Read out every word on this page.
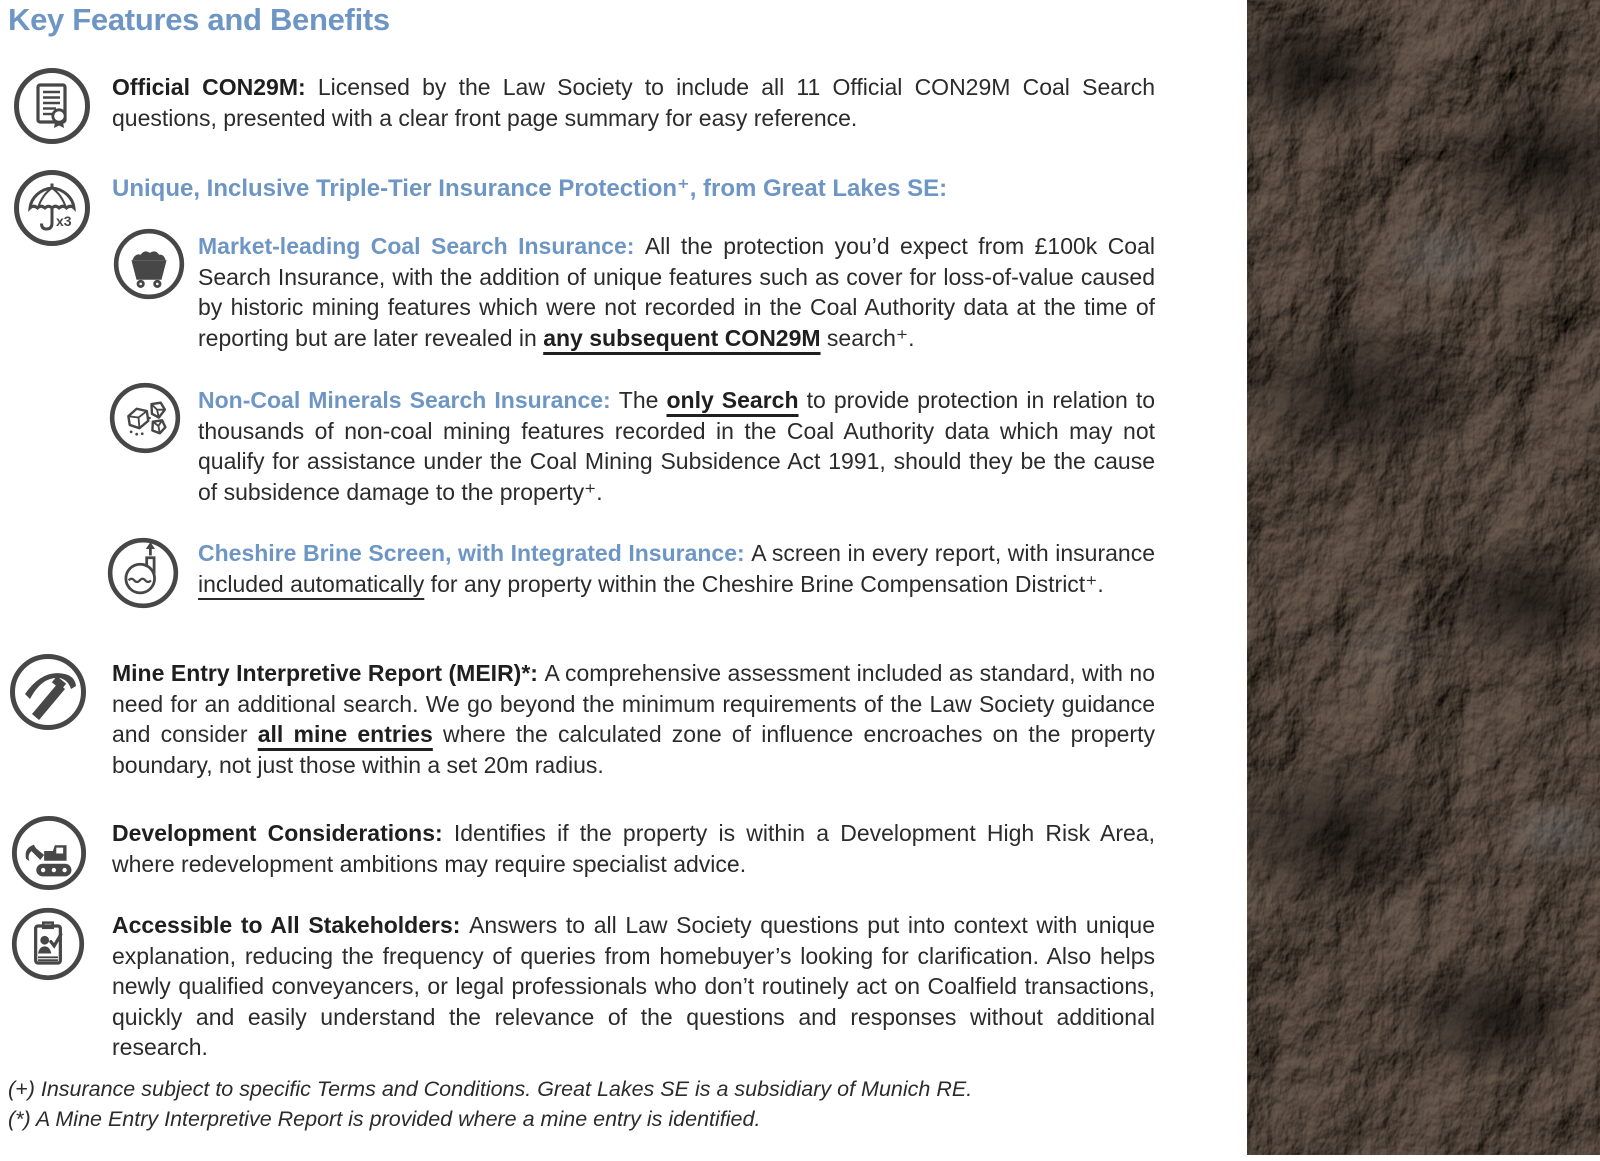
Key Features and Benefits

Official CON29M: Licensed by the Law Society to include all 11 Official CON29M Coal Search questions, presented with a clear front page summary for easy reference.

x3

Unique, Inclusive Triple-Tier Insurance Protection⁺, from Great Lakes SE:

Market-leading Coal Search Insurance: All the protection you’d expect from £100k Coal Search Insurance, with the addition of unique features such as cover for loss-of-value caused by historic mining features which were not recorded in the Coal Authority data at the time of reporting but are later revealed in any subsequent CON29M search⁺.

Non-Coal Minerals Search Insurance: The only Search to provide protection in relation to thousands of non-coal mining features recorded in the Coal Authority data which may not qualify for assistance under the Coal Mining Subsidence Act 1991, should they be the cause of subsidence damage to the property⁺.

Cheshire Brine Screen, with Integrated Insurance: A screen in every report, with insurance included automatically for any property within the Cheshire Brine Compensation District⁺.

Mine Entry Interpretive Report (MEIR)*: A comprehensive assessment included as standard, with no need for an additional search. We go beyond the minimum requirements of the Law Society guidance and consider all mine entries where the calculated zone of influence encroaches on the property boundary, not just those within a set 20m radius.

Development Considerations: Identifies if the property is within a Development High Risk Area, where redevelopment ambitions may require specialist advice.

Accessible to All Stakeholders: Answers to all Law Society questions put into context with unique explanation, reducing the frequency of queries from homebuyer’s looking for clarification. Also helps newly qualified conveyancers, or legal professionals who don’t routinely act on Coalfield transactions, quickly and easily understand the relevance of the questions and responses without additional research.

(+) Insurance subject to specific Terms and Conditions. Great Lakes SE is a subsidiary of Munich RE.

(*) A Mine Entry Interpretive Report is provided where a mine entry is identified.
